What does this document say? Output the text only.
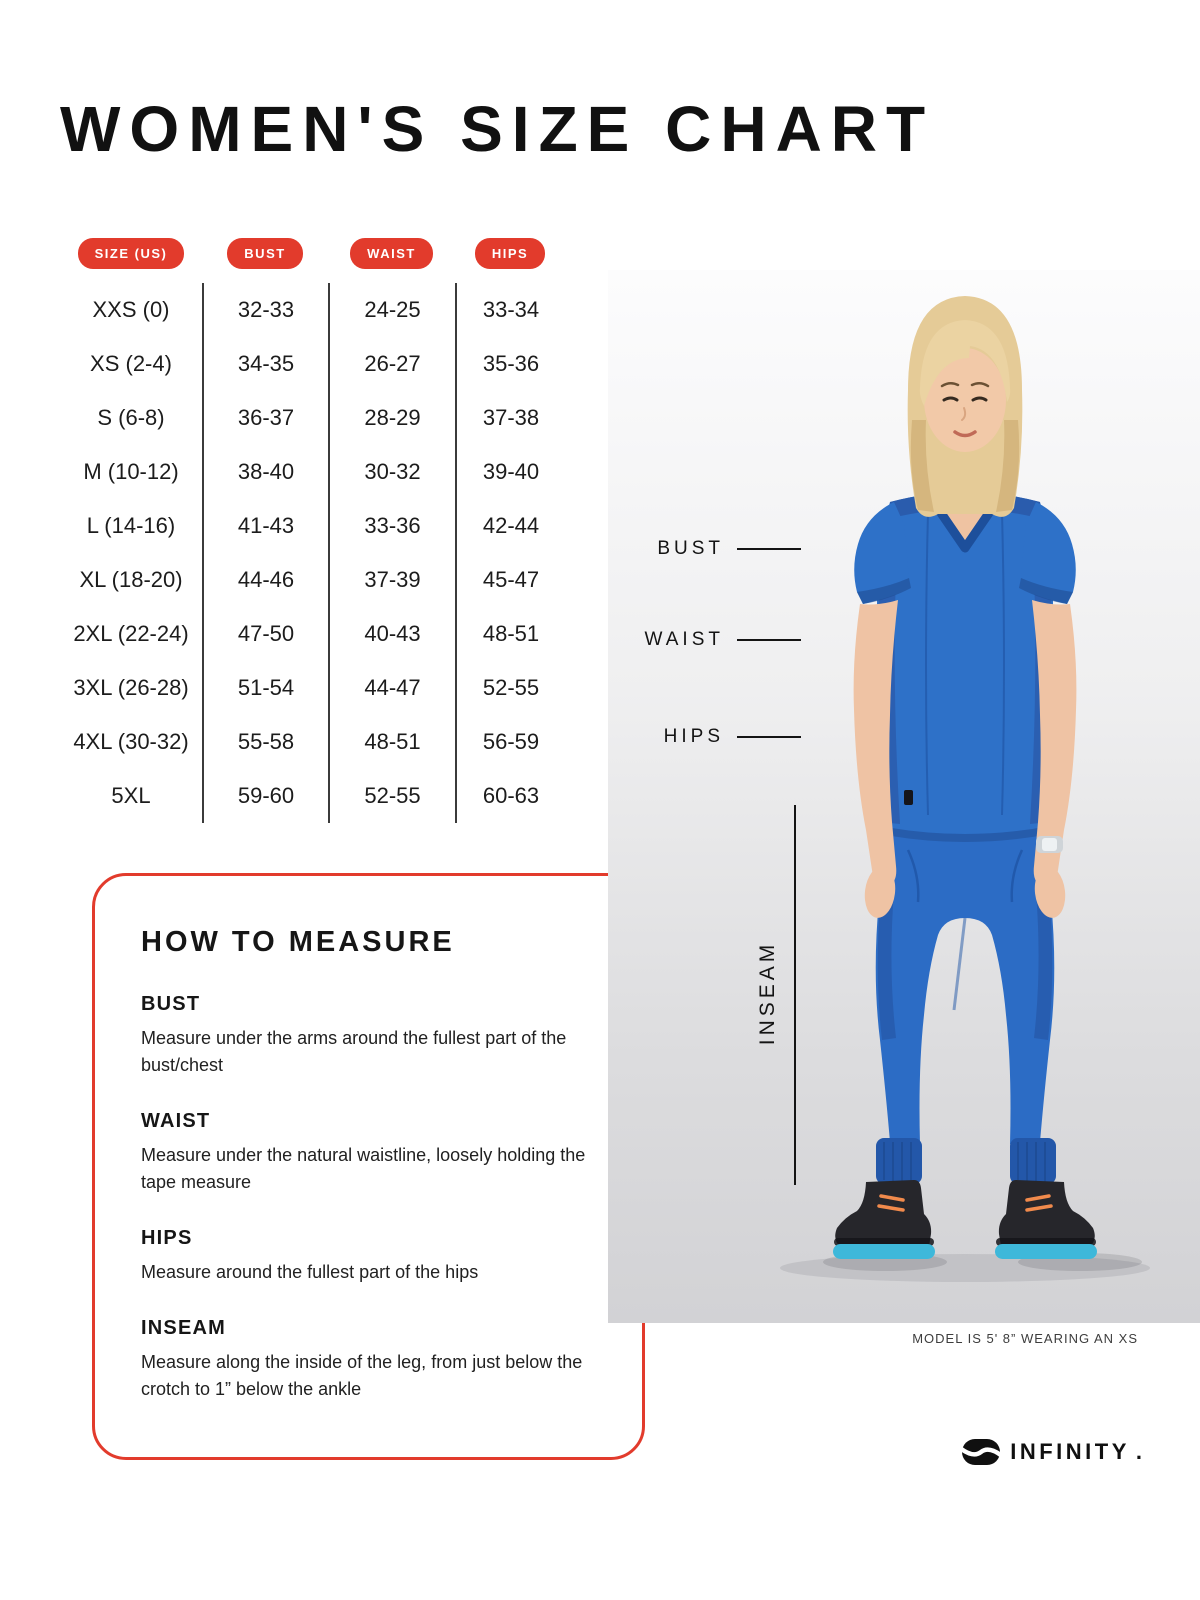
WOMEN'S SIZE CHART
SIZE (US)	BUST	WAIST	HIPS
XXS (0)	32-33	24-25	33-34
XS (2-4)	34-35	26-27	35-36
S (6-8)	36-37	28-29	37-38
M (10-12)	38-40	30-32	39-40
L (14-16)	41-43	33-36	42-44
XL (18-20)	44-46	37-39	45-47
2XL (22-24)	47-50	40-43	48-51
3XL (26-28)	51-54	44-47	52-55
4XL (30-32)	55-58	48-51	56-59
5XL	59-60	52-55	60-63
HOW TO MEASURE
BUST

Measure under the arms around the fullest part of the bust/chest

WAIST

Measure under the natural waistline, loosely holding the tape measure

HIPS

Measure around the fullest part of the hips

INSEAM

Measure along the inside of the leg, from just below the crotch to 1” below the ankle

BUST
WAIST
HIPS
INSEAM
MODEL IS 5' 8” WEARING AN XS
INFINITY .
